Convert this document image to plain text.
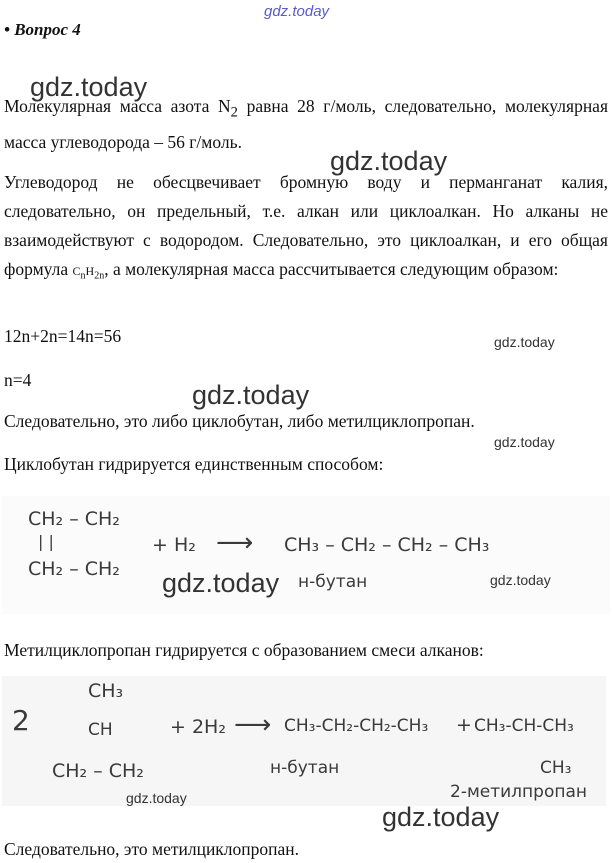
gdz.today
gdz.today
gdz.today
gdz.today
gdz.today
gdz.today
gdz.today	gdz.today
gdz.today
gdz.today
• Вопрос 4
Молекулярная масса азота $N_2$ равна 28 г/моль, следовательно, молекулярная масса углеводорода – 56 г/моль.
Углеводород не обесцвечивает бромную воду и перманганат калия, следовательно, он предельный, т.е. алкан или циклоалкан. Но алканы не взаимодействуют с водородом. Следовательно, это циклоалкан, и его общая формула $C_nH_{2n}$, а молекулярная масса рассчитывается следующим образом:
12n+2n=14n=56
n=4
Следовательно, это либо циклобутан, либо метилциклопропан.
Циклобутан гидрируется единственным способом:
CH₂ – CH₂
| |
CH₂ – CH₂
+ H₂ ⟶ CH₃ – CH₂ – CH₂ – CH₃
н-бутан
Метилциклопропан гидрируется с образованием смеси алканов:
2
CH₃
CH
CH₂ – CH₂
+ 2H₂ ⟶ CH₃-CH₂-CH₂-CH₃ + CH₃-CH-CH₃
CH₃
н-бутан
2-метилпропан
Следовательно, это метилциклопропан.
